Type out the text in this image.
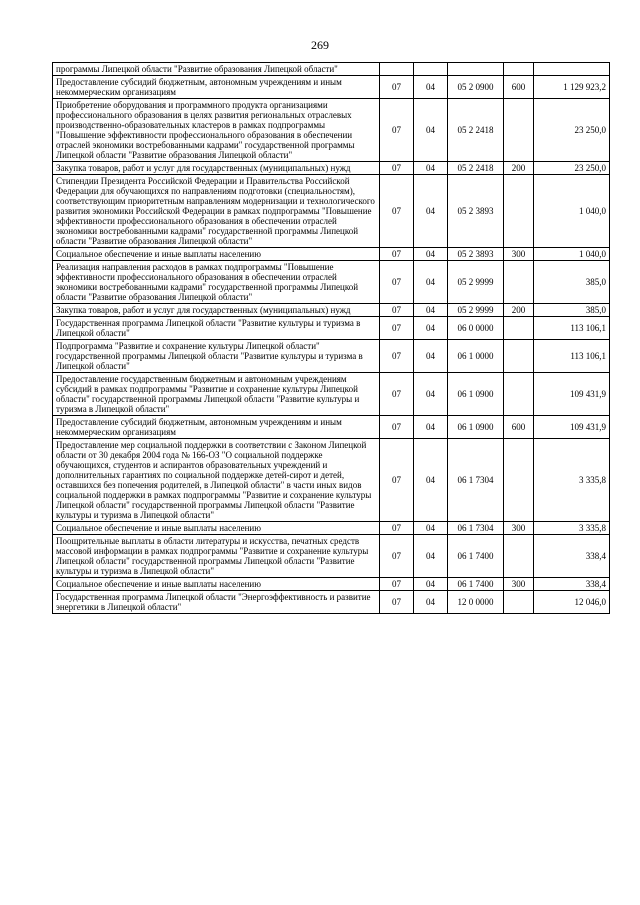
269
программы Липецкой области "Развитие образования Липецкой области"					
Предоставление субсидий бюджетным, автономным учреждениям и иным некоммерческим организациям	07	04	05 2 0900	600	1 129 923,2
Приобретение оборудования и программного продукта организациями профессионального образования в целях развития региональных отраслевых производственно-образовательных кластеров в рамках подпрограммы "Повышение эффективности профессионального образования в обеспечении отраслей экономики востребованными кадрами" государственной программы Липецкой области "Развитие образования Липецкой области"	07	04	05 2 2418		23 250,0
Закупка товаров, работ и услуг для государственных (муниципальных) нужд	07	04	05 2 2418	200	23 250,0
Стипендии Президента Российской Федерации и Правительства Российской Федерации для обучающихся по направлениям подготовки (специальностям), соответствующим приоритетным направлениям модернизации и технологического развития экономики Российской Федерации в рамках подпрограммы "Повышение эффективности профессионального образования в обеспечении отраслей экономики востребованными кадрами" государственной программы Липецкой области "Развитие образования Липецкой области"	07	04	05 2 3893		1 040,0
Социальное обеспечение и иные выплаты населению	07	04	05 2 3893	300	1 040,0
Реализация направления расходов в рамках подпрограммы "Повышение эффективности профессионального образования в обеспечении отраслей экономики востребованными кадрами" государственной программы Липецкой области "Развитие образования Липецкой области"	07	04	05 2 9999		385,0
Закупка товаров, работ и услуг для государственных (муниципальных) нужд	07	04	05 2 9999	200	385,0
Государственная программа Липецкой области "Развитие культуры и туризма в Липецкой области"	07	04	06 0 0000		113 106,1
Подпрограмма "Развитие и сохранение культуры Липецкой области" государственной программы Липецкой области "Развитие культуры и туризма в Липецкой области"	07	04	06 1 0000		113 106,1
Предоставление государственным бюджетным и автономным учреждениям субсидий в рамках подпрограммы "Развитие и сохранение культуры Липецкой области" государственной программы Липецкой области "Развитие культуры и туризма в Липецкой области"	07	04	06 1 0900		109 431,9
Предоставление субсидий бюджетным, автономным учреждениям и иным некоммерческим организациям	07	04	06 1 0900	600	109 431,9
Предоставление мер социальной поддержки в соответствии с Законом Липецкой области от 30 декабря 2004 года № 166-ОЗ "О социальной поддержке обучающихся, студентов и аспирантов образовательных учреждений и дополнительных гарантиях по социальной поддержке детей-сирот и детей, оставшихся без попечения родителей, в Липецкой области" в части иных видов социальной поддержки в рамках подпрограммы "Развитие и сохранение культуры Липецкой области" государственной программы Липецкой области "Развитие культуры и туризма в Липецкой области"	07	04	06 1 7304		3 335,8
Социальное обеспечение и иные выплаты населению	07	04	06 1 7304	300	3 335,8
Поощрительные выплаты в области литературы и искусства, печатных средств массовой информации в рамках подпрограммы "Развитие и сохранение культуры Липецкой области" государственной программы Липецкой области "Развитие культуры и туризма в Липецкой области"	07	04	06 1 7400		338,4
Социальное обеспечение и иные выплаты населению	07	04	06 1 7400	300	338,4
Государственная программа Липецкой области "Энергоэффективность и развитие энергетики в Липецкой области"	07	04	12 0 0000		12 046,0
